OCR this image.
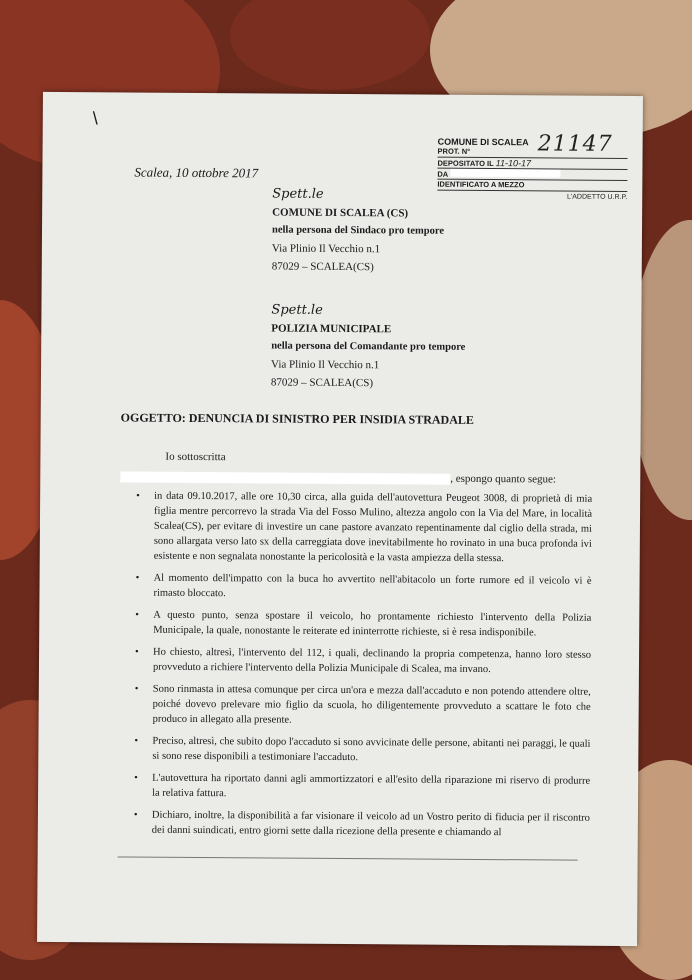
\
COMUNE DI SCALEA 21147
PROT. N°
DEPOSITATO IL 11-10-17
DA
IDENTIFICATO A MEZZO
L'ADDETTO U.R.P.
Scalea, 10 ottobre 2017
Spett.le
COMUNE DI SCALEA (CS)
nella persona del Sindaco pro tempore
Via Plinio Il Vecchio n.1
87029 – SCALEA(CS)
Spett.le
POLIZIA MUNICIPALE
nella persona del Comandante pro tempore
Via Plinio Il Vecchio n.1
87029 – SCALEA(CS)
OGGETTO: DENUNCIA DI SINISTRO PER INSIDIA STRADALE
Io sottoscritta
, espongo quanto segue:
• in data 09.10.2017, alle ore 10,30 circa, alla guida dell'autovettura Peugeot 3008, di proprietà di mia figlia mentre percorrevo la strada Via del Fosso Mulino, altezza angolo con la Via del Mare, in località Scalea(CS), per evitare di investire un cane pastore avanzato repentinamente dal ciglio della strada, mi sono allargata verso lato sx della carreggiata dove inevitabilmente ho rovinato in una buca profonda ivi esistente e non segnalata nonostante la pericolosità e la vasta ampiezza della stessa.
• Al momento dell'impatto con la buca ho avvertito nell'abitacolo un forte rumore ed il veicolo vi è rimasto bloccato.
• A questo punto, senza spostare il veicolo, ho prontamente richiesto l'intervento della Polizia Municipale, la quale, nonostante le reiterate ed ininterrotte richieste, si è resa indisponibile.
• Ho chiesto, altresì, l'intervento del 112, i quali, declinando la propria competenza, hanno loro stesso provveduto a richiere l'intervento della Polizia Municipale di Scalea, ma invano.
• Sono rinmasta in attesa comunque per circa un'ora e mezza dall'accaduto e non potendo attendere oltre, poiché dovevo prelevare mio figlio da scuola, ho diligentemente provveduto a scattare le foto che produco in allegato alla presente.
• Preciso, altresì, che subito dopo l'accaduto si sono avvicinate delle persone, abitanti nei paraggi, le quali si sono rese disponibili a testimoniare l'accaduto.
• L'autovettura ha riportato danni agli ammortizzatori e all'esito della riparazione mi riservo di produrre la relativa fattura.
• Dichiaro, inoltre, la disponibilità a far visionare il veicolo ad un Vostro perito di fiducia per il riscontro dei danni suindicati, entro giorni sette dalla ricezione della presente e chiamando al
